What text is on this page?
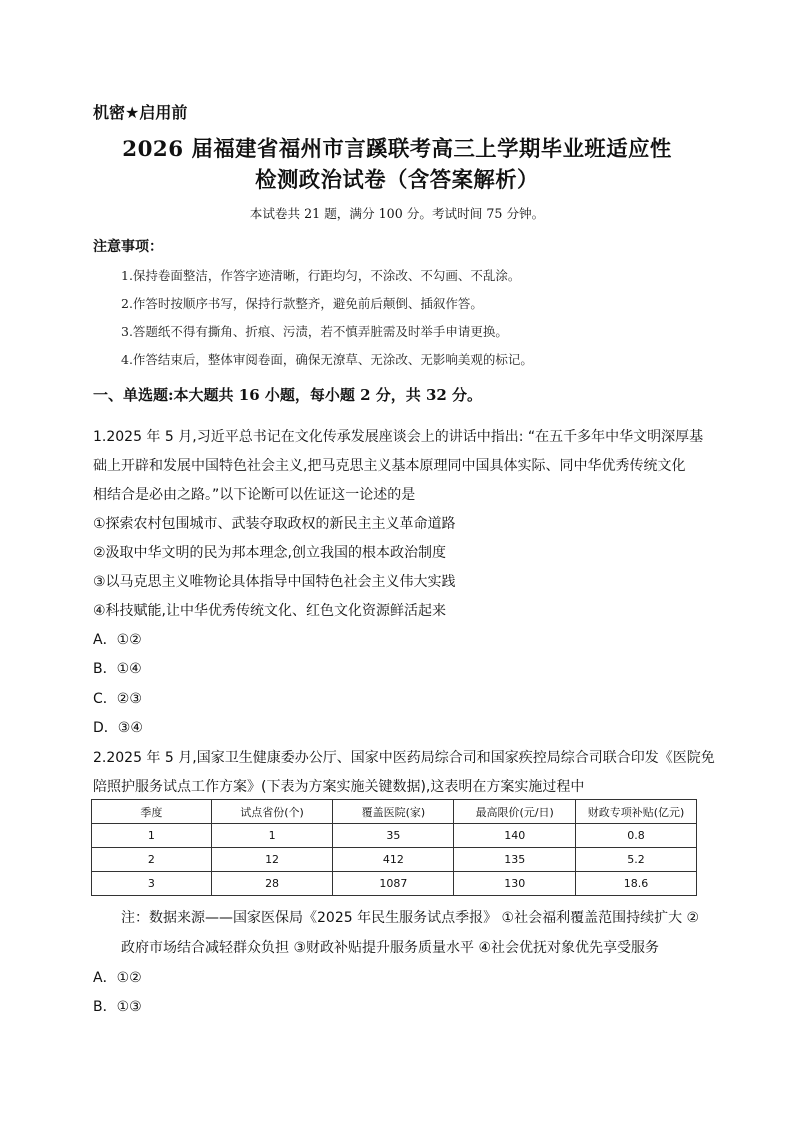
机密★启用前
2026 届福建省福州市言蹊联考高三上学期毕业班适应性
检测政治试卷（含答案解析）
本试卷共 21 题，满分 100 分。考试时间 75 分钟。
注意事项：
1.保持卷面整洁，作答字迹清晰，行距均匀，不涂改、不勾画、不乱涂。
2.作答时按顺序书写，保持行款整齐，避免前后颠倒、插叙作答。
3.答题纸不得有撕角、折痕、污渍，若不慎弄脏需及时举手申请更换。
4.作答结束后，整体审阅卷面，确保无潦草、无涂改、无影响美观的标记。
一、单选题:本大题共 16 小题，每小题 2 分，共 32 分。
1.2025 年 5 月,习近平总书记在文化传承发展座谈会上的讲话中指出: “在五千多年中华文明深厚基
础上开辟和发展中国特色社会主义,把马克思主义基本原理同中国具体实际、同中华优秀传统文化
相结合是必由之路。”以下论断可以佐证这一论述的是
①探索农村包围城市、武装夺取政权的新民主主义革命道路
②汲取中华文明的民为邦本理念,创立我国的根本政治制度
③以马克思主义唯物论具体指导中国特色社会主义伟大实践
④科技赋能,让中华优秀传统文化、红色文化资源鲜活起来
A．①②
B．①④
C．②③
D．③④
2.2025 年 5 月,国家卫生健康委办公厅、国家中医药局综合司和国家疾控局综合司联合印发《医院免
陪照护服务试点工作方案》(下表为方案实施关键数据),这表明在方案实施过程中
季度	试点省份(个)	覆盖医院(家)	最高限价(元/日)	财政专项补贴(亿元)
1	1	35	140	0.8
2	12	412	135	5.2
3	28	1087	130	18.6
注：数据来源——国家医保局《2025 年民生服务试点季报》 ①社会福利覆盖范围持续扩大 ②
政府市场结合减轻群众负担 ③财政补贴提升服务质量水平 ④社会优抚对象优先享受服务
A．①②
B．①③
